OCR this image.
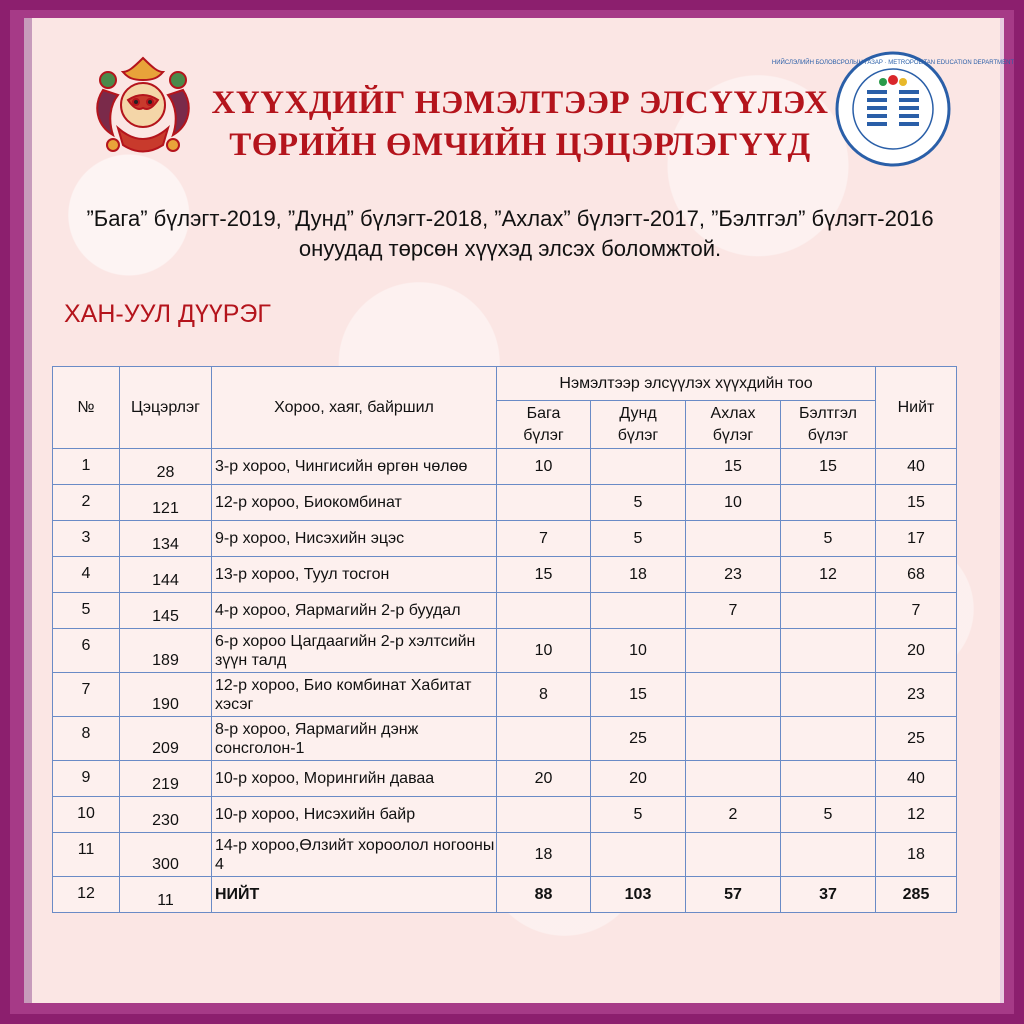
НИЙСЛЭЛИЙН БОЛОВСРОЛЫН ГАЗАР · METROPOLITAN EDUCATION DEPARTMENT
ХҮҮХДИЙГ НЭМЭЛТЭЭР ЭЛСҮҮЛЭХ
ТӨРИЙН ӨМЧИЙН ЦЭЦЭРЛЭГҮҮД
”Бага” бүлэгт-2019, ”Дунд” бүлэгт-2018, ”Ахлах” бүлэгт-2017, ”Бэлтгэл” бүлэгт-2016
онуудад төрсөн хүүхэд элсэх боломжтой.
ХАН-УУЛ ДҮҮРЭГ
№	Цэцэрлэг	Хороо, хаяг, байршил	Нэмэлтээр элсүүлэх хүүхдийн тоо				Нийт

			Бага бүлэг	Дунд бүлэг	Ахлах бүлэг	Бэлтгэл бүлэг	

1	28	3-р хороо, Чингисийн өргөн чөлөө	10		15	15	40
2	121	12-р хороо, Биокомбинат		5	10		15
3	134	9-р хороо, Нисэхийн эцэс	7	5		5	17
4	144	13-р хороо, Туул тосгон	15	18	23	12	68
5	145	4-р хороо, Яармагийн 2-р буудал			7		7
6	189	6-р хороо Цагдаагийн 2-р хэлтсийн зүүн талд	10	10			20
7	190	12-р хороо, Био комбинат Хабитат хэсэг	8	15			23
8	209	8-р хороо, Яармагийн дэнж сонсголон-1		25			25
9	219	10-р хороо, Морингийн даваа	20	20			40
10	230	10-р хороо, Нисэхийн байр		5	2	5	12
11	300	14-р хороо,Өлзийт хороолол ногооны 4	18				18
12	11	НИЙТ	88	103	57	37	285
